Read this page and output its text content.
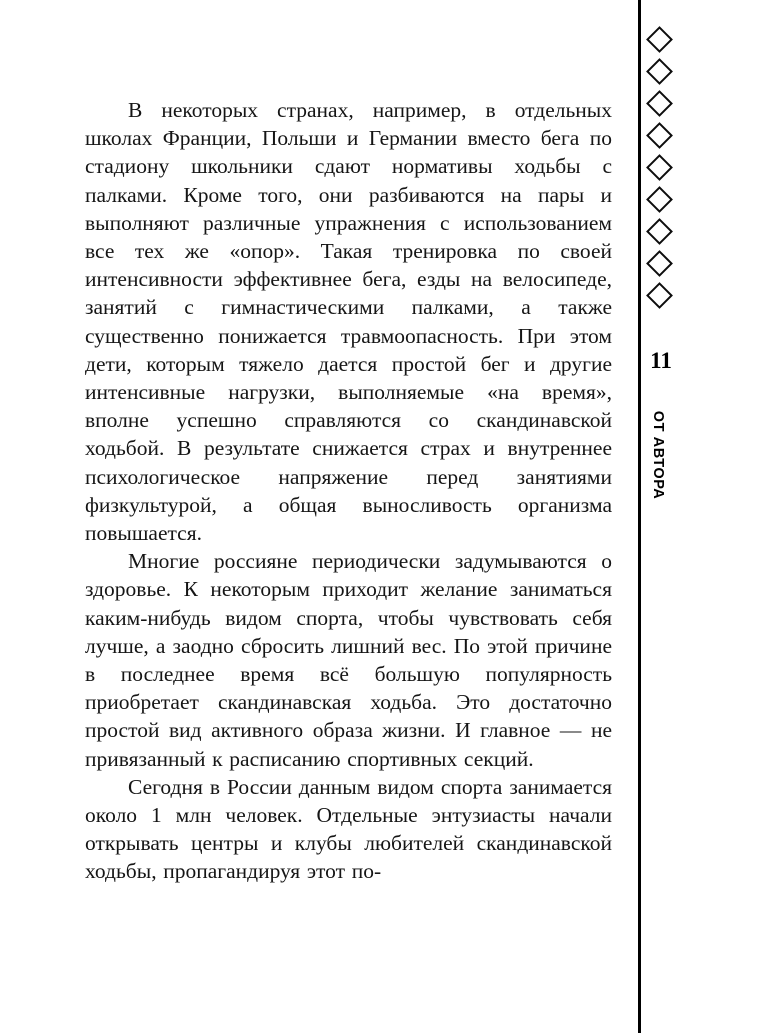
В некоторых странах, например, в отдельных школах Франции, Польши и Германии вместо бега по стадиону школьники сдают нормативы ходьбы с палками. Кроме того, они разбиваются на пары и выполняют различные упражнения с использованием все тех же «опор». Такая тренировка по своей интенсивности эффективнее бега, езды на велосипеде, занятий с гимнастическими палками, а также существенно понижается травмоопасность. При этом дети, которым тяжело дается простой бег и другие интенсивные нагрузки, выполняемые «на время», вполне успешно справляются со скандинавской ходьбой. В результате снижается страх и внутреннее психологическое напряжение перед занятиями физкультурой, а общая выносливость организма повышается.

Многие россияне периодически задумываются о здоровье. К некоторым приходит желание заниматься каким-нибудь видом спорта, чтобы чувствовать себя лучше, а заодно сбросить лишний вес. По этой причине в последнее время всё большую популярность приобретает скандинавская ходьба. Это достаточно простой вид активного образа жизни. И главное — не привязанный к расписанию спортивных секций.

Сегодня в России данным видом спорта занимается около 1 млн человек. Отдельные энтузиасты начали открывать центры и клубы любителей скандинавской ходьбы, пропагандируя этот по-

11
ОТ АВТОРА
